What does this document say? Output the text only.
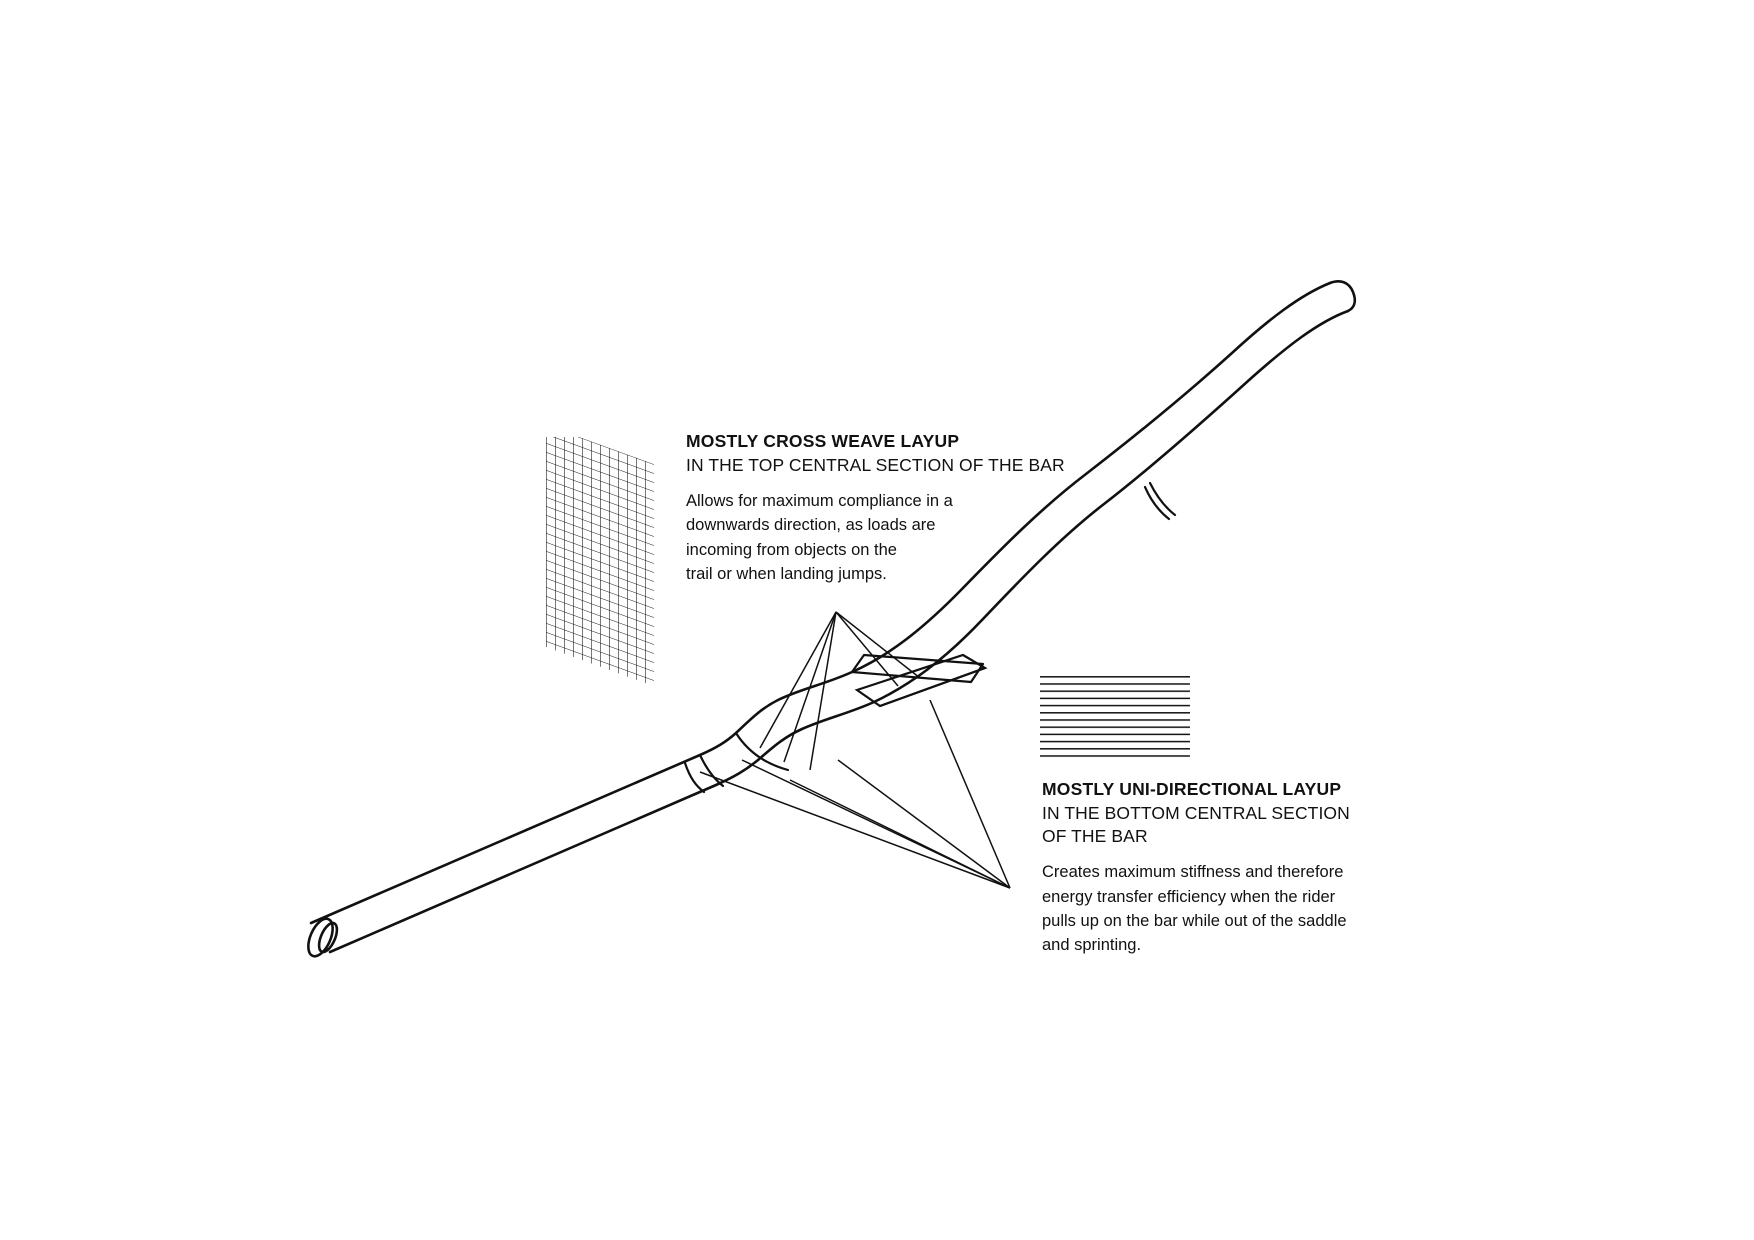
MOSTLY CROSS WEAVE LAYUP

IN THE TOP CENTRAL SECTION OF THE BAR

Allows for maximum compliance in a
downwards direction, as loads are
incoming from objects on the
trail or when landing jumps.

MOSTLY UNI-DIRECTIONAL LAYUP

IN THE BOTTOM CENTRAL SECTION
OF THE BAR

Creates maximum stiffness and therefore
energy transfer efficiency when the rider
pulls up on the bar while out of the saddle
and sprinting.
